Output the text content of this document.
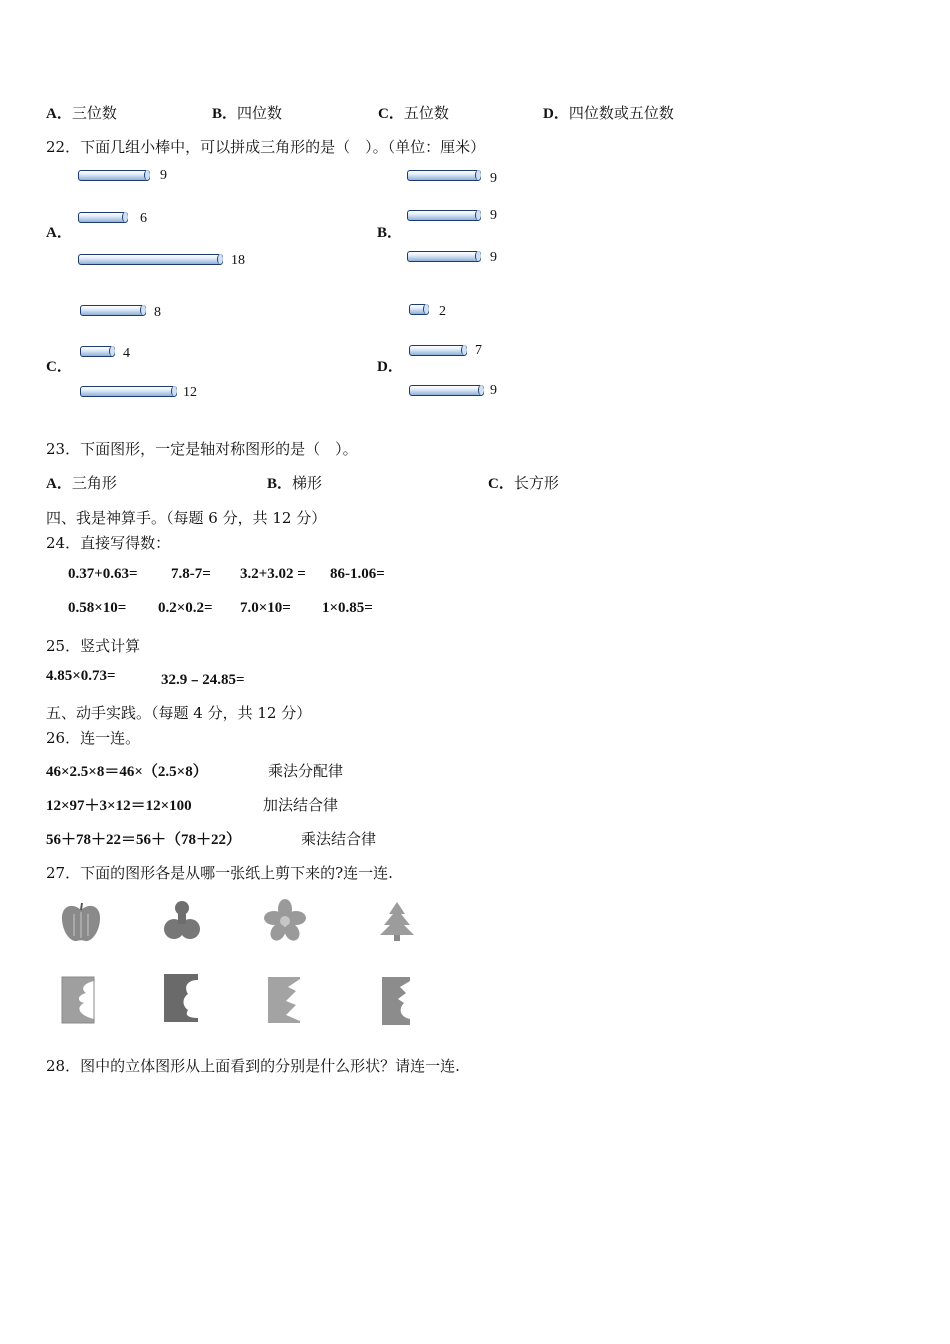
A．三位数	B．四位数	C．五位数	D．四位数或五位数
22．下面几组小棒中，可以拼成三角形的是（　）。（单位：厘米）
A．
9
6
18
B．
9
9
9
C．
8
4
12
D．
2
7
9
23．下面图形，一定是轴对称图形的是（　）。
A．三角形	B．梯形	C．长方形
四、我是神算手。（每题 6 分，共 12 分）
24．直接写得数：
0.37+0.63= 7.8-7= 3.2+3.02 = 86-1.06=
0.58×10= 0.2×0.2= 7.0×10= 1×0.85=
25．竖式计算
4.85×0.73=	32.9﹣24.85=
五、动手实践。（每题 4 分，共 12 分）
26．连一连。
46×2.5×8＝46×（2.5×8）	乘法分配律
12×97＋3×12＝12×100	加法结合律
56＋78＋22＝56＋（78＋22）	乘法结合律
27．下面的图形各是从哪一张纸上剪下来的?连一连.
28．图中的立体图形从上面看到的分别是什么形状？请连一连.
